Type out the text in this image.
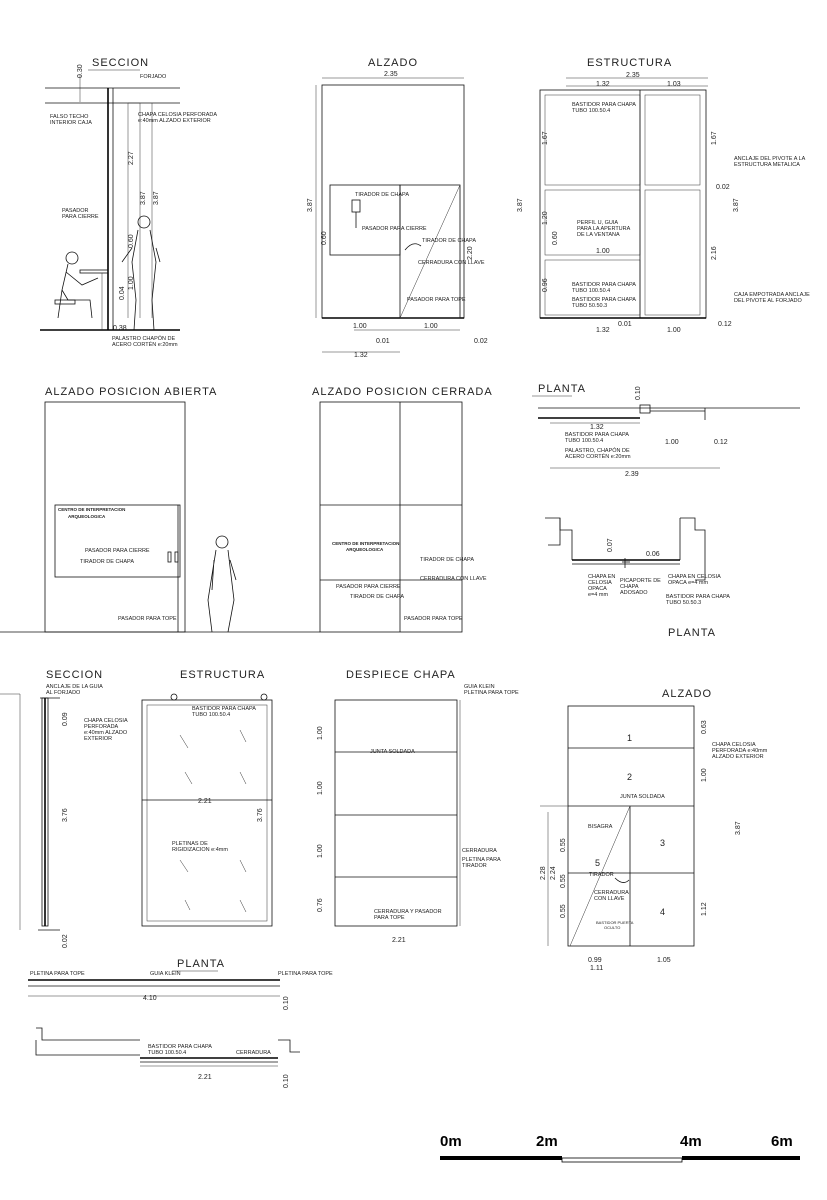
SECCION
FORJADO
FALSO TECHO
INTERIOR CAJA
CHAPA CELOSIA PERFORADA
e:40mm ALZADO EXTERIOR
PASADOR
PARA CIERRE
PALASTRO CHAPÓN DE
ACERO CORTÉN e:20mm
0.30
2.27
3.87 3.87
0.60
1.00
0.04
0.38
ALZADO
TIRADOR DE CHAPA
PASADOR PARA CIERRE
TIRADOR DE CHAPA
CERRADURA CON LLAVE
PASADOR PARA TOPE
2.35
3.87
0.60
2.20
1.00	1.00
0.01	0.02
1.32
ESTRUCTURA
BASTIDOR PARA CHAPA
TUBO 100.50.4
PERFIL U, GUIA
PARA LA APERTURA
DE LA VENTANA
BASTIDOR PARA CHAPA
TUBO 100.50.4
BASTIDOR PARA CHAPA
TUBO 50.50.3
ANCLAJE DEL PIVOTE A LA
ESTRUCTURA METALICA
CAJA EMPOTRADA ANCLAJE
DEL PIVOTE AL FORJADO
2.35
1.32	1.03
1.67	1.67
3.87	3.87
1.20
0.60
0.96
1.00	2.16
0.02
0.01
1.32	1.00
0.12
ALZADO POSICION ABIERTA
CENTRO DE INTERPRETACION
ARQUEOLOGICA
PASADOR PARA CIERRE
TIRADOR DE CHAPA
PASADOR PARA TOPE
ALZADO POSICION CERRADA
CENTRO DE INTERPRETACION
ARQUEOLOGICA
TIRADOR DE CHAPA
CERRADURA CON LLAVE
PASADOR PARA CIERRE
TIRADOR DE CHAPA
PASADOR PARA TOPE
PLANTA
BASTIDOR PARA CHAPA
TUBO 100.50.4
PALASTRO, CHAPÓN DE
ACERO CORTÉN e:20mm
0.10
1.32
1.00	0.12
2.39
PLANTA
CHAPA EN
CELOSIA
OPACA
e=4 mm
PICAPORTE DE
CHAPA
ADOSADO
CHAPA EN CELOSIA
OPACA e=4 mm
BASTIDOR PARA CHAPA
TUBO 50.50.3
0.07
0.06
SECCION
ANCLAJE DE LA GUIA
AL FORJADO
CHAPA CELOSIA
PERFORADA
e:40mm ALZADO
EXTERIOR
0.09
3.76
0.02
ESTRUCTURA
BASTIDOR PARA CHAPA
TUBO 100.50.4
PLETINAS DE
RIGIDIZACION e:4mm
2.21
3.76
DESPIECE CHAPA
GUIA KLEIN
PLETINA PARA TOPE
JUNTA SOLDADA
CERRADURA
PLETINA PARA
TIRADOR
CERRADURA Y PASADOR
PARA TOPE
1.00
1.00
1.00
0.76
2.21
ALZADO
CHAPA CELOSIA
PERFORADA e:40mm
ALZADO EXTERIOR
JUNTA SOLDADA
BISAGRA
TIRADOR
CERRADURA
CON LLAVE
BASTIDOR PUERTA
OCULTO
1
2
3
4
5
0.63
1.00
3.87
1.12
2.28 2.24
0.55
0.55
0.55
0.99
1.11
1.05
PLANTA
PLETINA PARA TOPE	GUIA KLEIN	PLETINA PARA TOPE
BASTIDOR PARA CHAPA
TUBO 100.50.4	CERRADURA
4.10	0.10
2.21	0.10
0m	2m	4m	6m
